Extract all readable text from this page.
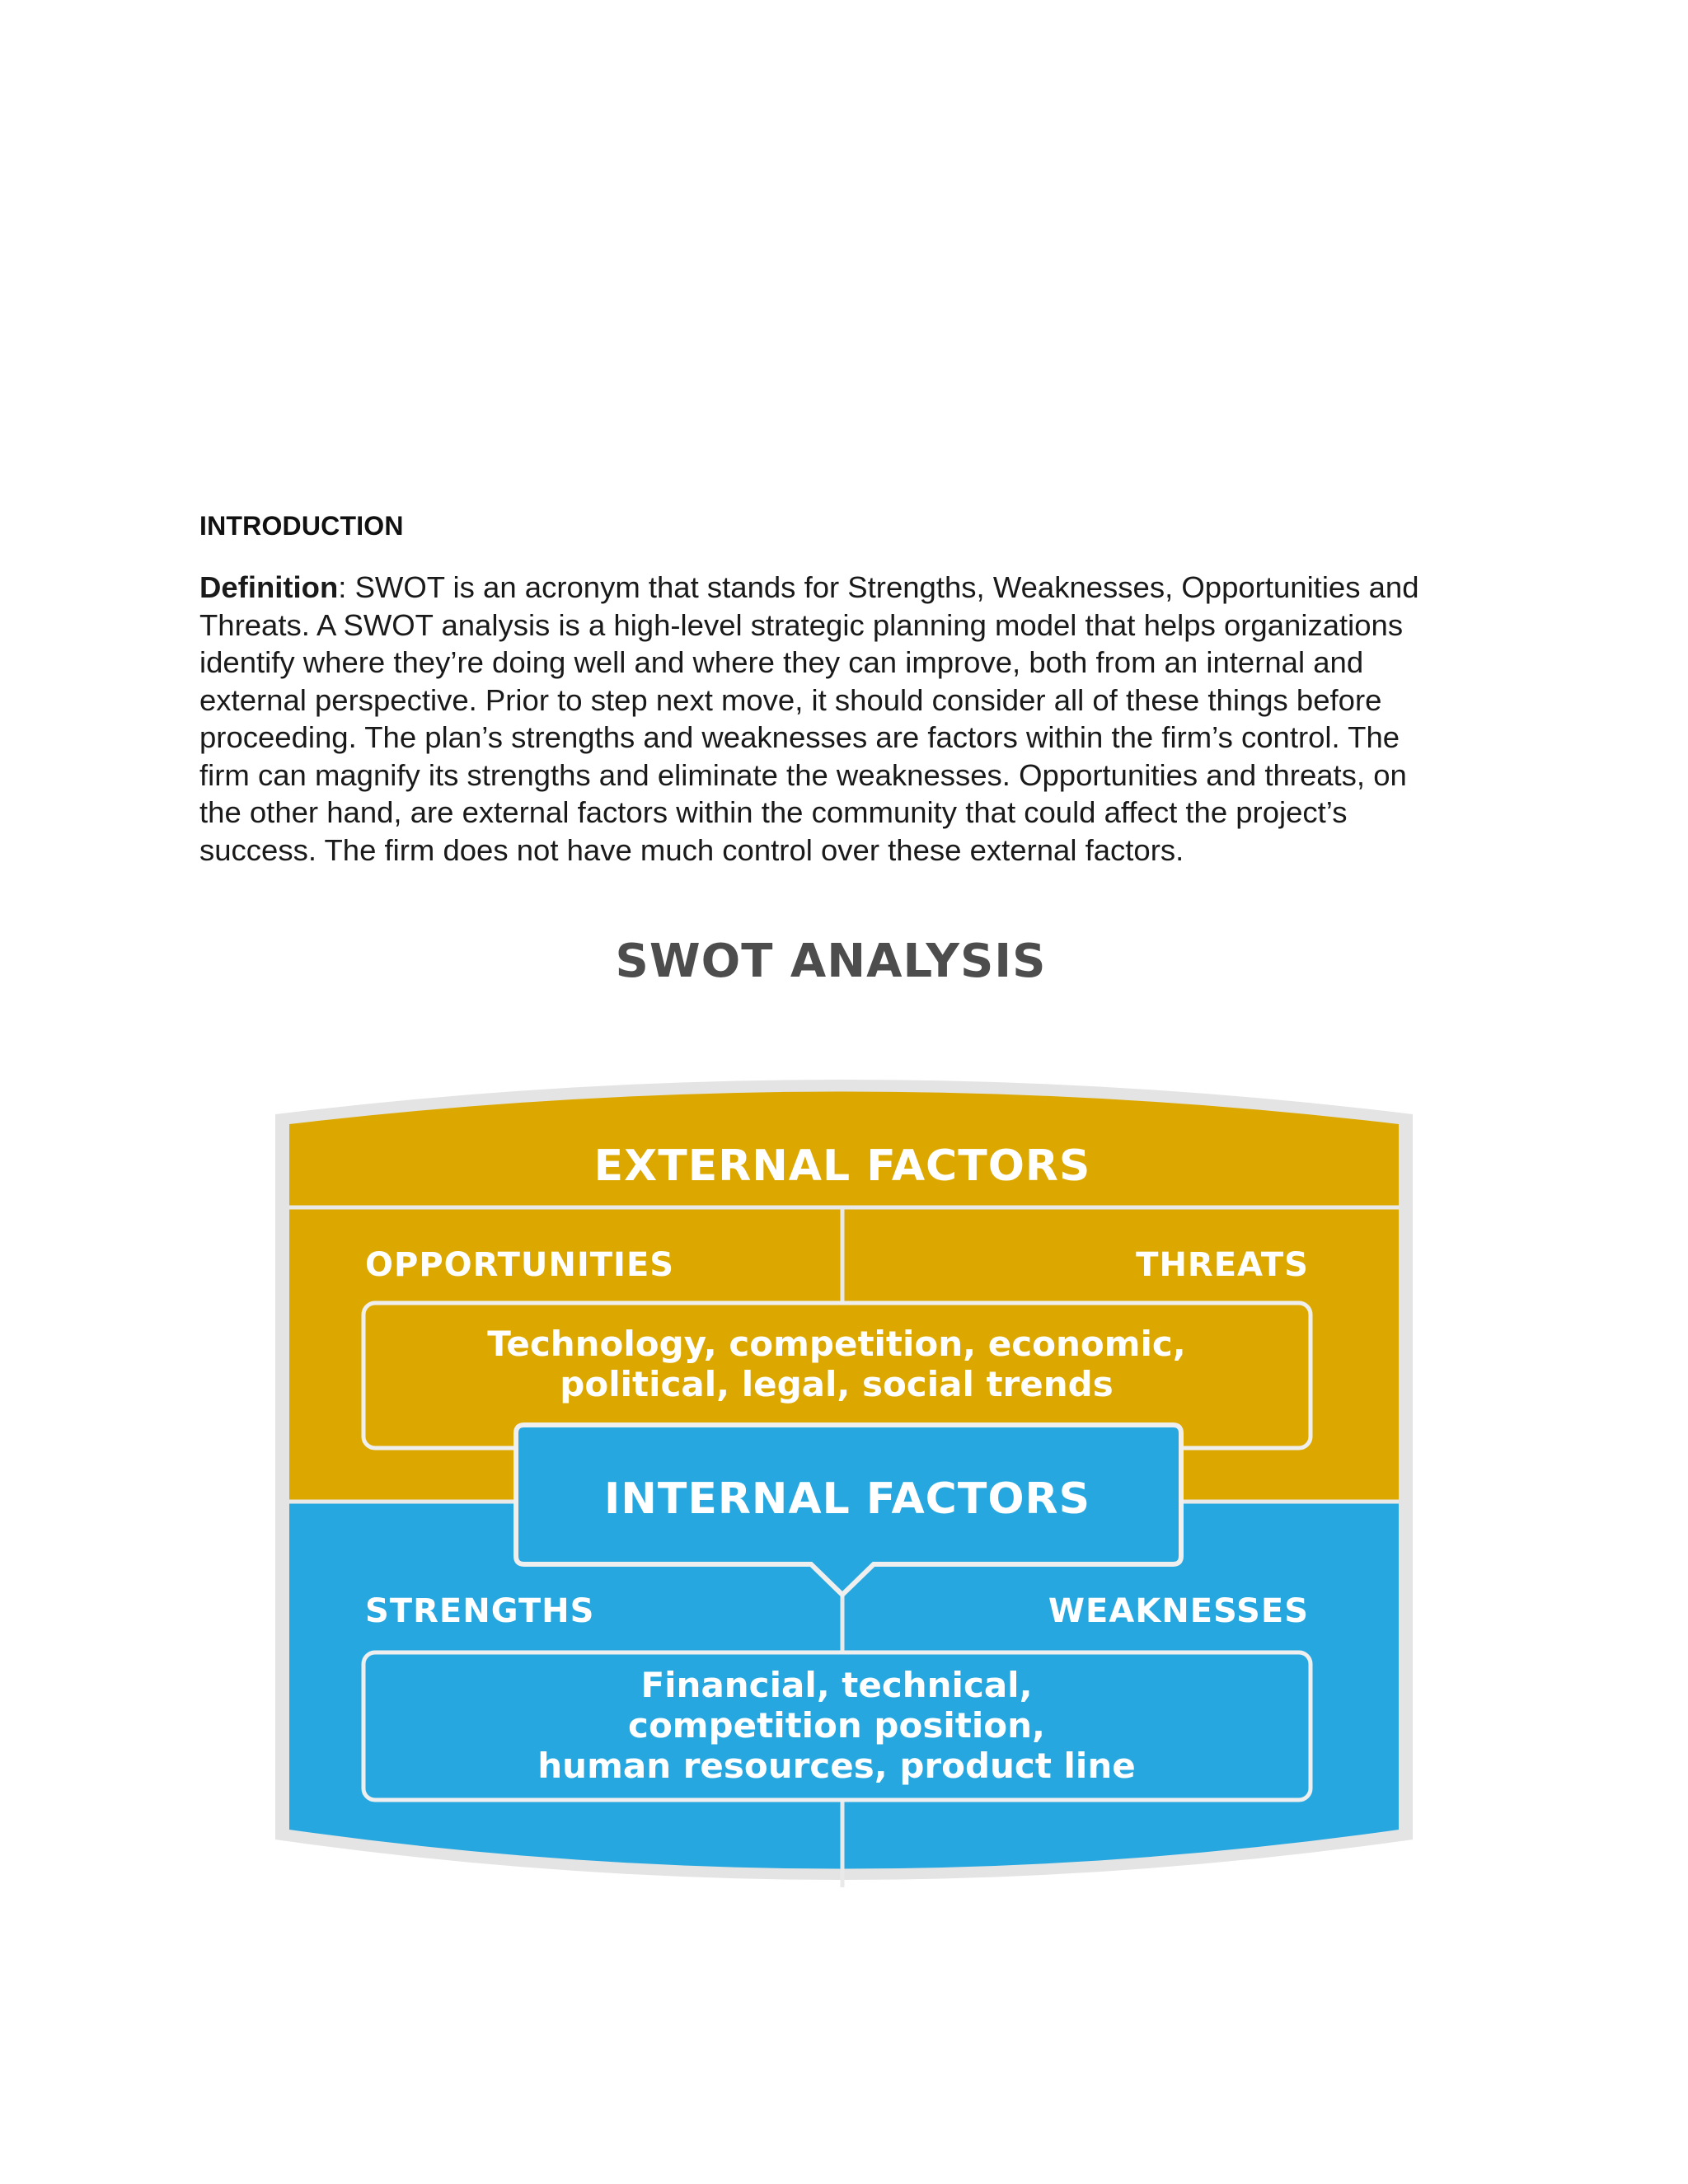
INTRODUCTION
Definition: SWOT is an acronym that stands for Strengths, Weaknesses, Opportunities and
Threats. A SWOT analysis is a high-level strategic planning model that helps organizations
identify where they’re doing well and where they can improve, both from an internal and
external perspective. Prior to step next move, it should consider all of these things before
proceeding. The plan’s strengths and weaknesses are factors within the firm’s control. The
firm can magnify its strengths and eliminate the weaknesses. Opportunities and threats, on
the other hand, are external factors within the community that could affect the project’s
success. The firm does not have much control over these external factors.
SWOT ANALYSIS
EXTERNAL FACTORS
OPPORTUNITIES	THREATS
Technology, competition, economic,
political, legal, social trends
INTERNAL FACTORS
STRENGTHS	WEAKNESSES
Financial, technical,
competition position,
human resources, product line
